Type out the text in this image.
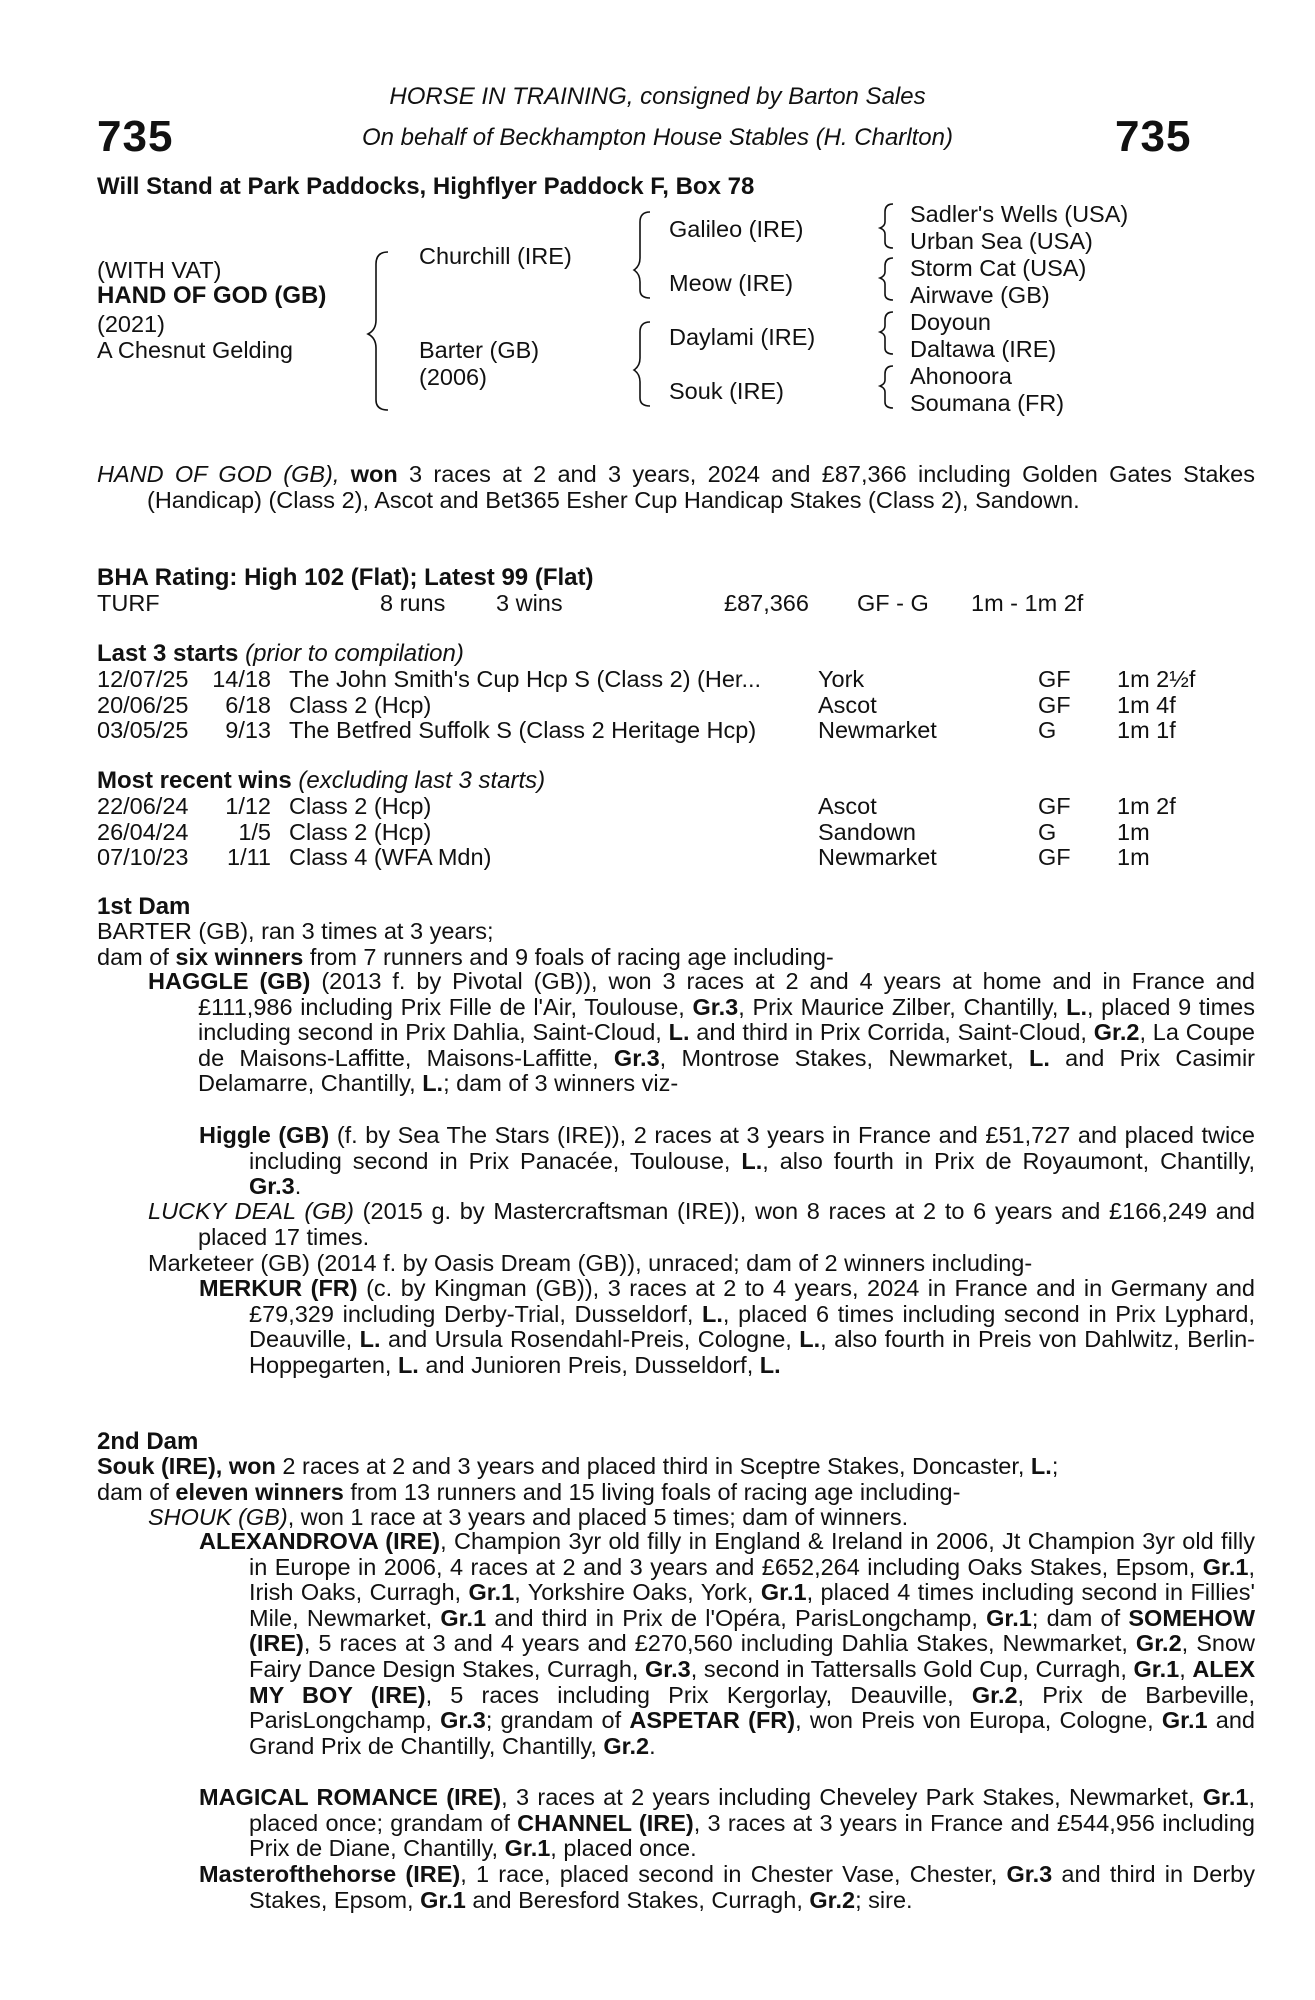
735	735
HORSE IN TRAINING, consigned by Barton Sales
On behalf of Beckhampton House Stables (H. Charlton)
Will Stand at Park Paddocks, Highflyer Paddock F, Box 78
(WITH VAT)
HAND OF GOD (GB)
(2021)
A Chesnut Gelding
Churchill (IRE)
Barter (GB)
(2006)
Galileo (IRE)
Meow (IRE)
Daylami (IRE)
Souk (IRE)
Sadler's Wells (USA)
Urban Sea (USA)
Storm Cat (USA)
Airwave (GB)
Doyoun
Daltawa (IRE)
Ahonoora
Soumana (FR)
HAND OF GOD (GB), won 3 races at 2 and 3 years, 2024 and £87,366 including Golden Gates Stakes (Handicap) (Class 2), Ascot and Bet365 Esher Cup Handicap Stakes (Class 2), Sandown.
BHA Rating: High 102 (Flat); Latest 99 (Flat)
TURF	8 runs 3 wins	£87,366 GF - G 1m - 1m 2f
Last 3 starts (prior to compilation)
12/07/25	14/18 The John Smith's Cup Hcp S (Class 2) (Her... York	GF 1m 2½f
20/06/25	6/18 Class 2 (Hcp)	Ascot	GF 1m 4f
03/05/25	9/13 The Betfred Suffolk S (Class 2 Heritage Hcp)	Newmarket	G	1m 1f
Most recent wins (excluding last 3 starts)
22/06/24	1/12 Class 2 (Hcp)	Ascot	GF 1m 2f
26/04/24	1/5 Class 2 (Hcp)	Sandown	G	1m
07/10/23	1/11 Class 4 (WFA Mdn)	Newmarket	GF 1m
1st Dam
BARTER (GB), ran 3 times at 3 years;
dam of six winners from 7 runners and 9 foals of racing age including-
HAGGLE (GB) (2013 f. by Pivotal (GB)), won 3 races at 2 and 4 years at home and in France and £111,986 including Prix Fille de l'Air, Toulouse, Gr.3, Prix Maurice Zilber, Chantilly, L., placed 9 times including second in Prix Dahlia, Saint-Cloud, L. and third in Prix Corrida, Saint-Cloud, Gr.2, La Coupe de Maisons-Laffitte, Maisons-Laffitte, Gr.3, Montrose Stakes, Newmarket, L. and Prix Casimir Delamarre, Chantilly, L.; dam of 3 winners viz-
Higgle (GB) (f. by Sea The Stars (IRE)), 2 races at 3 years in France and £51,727 and placed twice including second in Prix Panacée, Toulouse, L., also fourth in Prix de Royaumont, Chantilly, Gr.3.
LUCKY DEAL (GB) (2015 g. by Mastercraftsman (IRE)), won 8 races at 2 to 6 years and £166,249 and placed 17 times.
Marketeer (GB) (2014 f. by Oasis Dream (GB)), unraced; dam of 2 winners including-
MERKUR (FR) (c. by Kingman (GB)), 3 races at 2 to 4 years, 2024 in France and in Germany and £79,329 including Derby-Trial, Dusseldorf, L., placed 6 times including second in Prix Lyphard, Deauville, L. and Ursula Rosendahl-Preis, Cologne, L., also fourth in Preis von Dahlwitz, Berlin-Hoppegarten, L. and Junioren Preis, Dusseldorf, L.
2nd Dam
Souk (IRE), won 2 races at 2 and 3 years and placed third in Sceptre Stakes, Doncaster, L.;
dam of eleven winners from 13 runners and 15 living foals of racing age including-
SHOUK (GB), won 1 race at 3 years and placed 5 times; dam of winners.
ALEXANDROVA (IRE), Champion 3yr old filly in England & Ireland in 2006, Jt Champion 3yr old filly in Europe in 2006, 4 races at 2 and 3 years and £652,264 including Oaks Stakes, Epsom, Gr.1, Irish Oaks, Curragh, Gr.1, Yorkshire Oaks, York, Gr.1, placed 4 times including second in Fillies' Mile, Newmarket, Gr.1 and third in Prix de l'Opéra, ParisLongchamp, Gr.1; dam of SOMEHOW (IRE), 5 races at 3 and 4 years and £270,560 including Dahlia Stakes, Newmarket, Gr.2, Snow Fairy Dance Design Stakes, Curragh, Gr.3, second in Tattersalls Gold Cup, Curragh, Gr.1, ALEX MY BOY (IRE), 5 races including Prix Kergorlay, Deauville, Gr.2, Prix de Barbeville, ParisLongchamp, Gr.3; grandam of ASPETAR (FR), won Preis von Europa, Cologne, Gr.1 and Grand Prix de Chantilly, Chantilly, Gr.2.
MAGICAL ROMANCE (IRE), 3 races at 2 years including Cheveley Park Stakes, Newmarket, Gr.1, placed once; grandam of CHANNEL (IRE), 3 races at 3 years in France and £544,956 including Prix de Diane, Chantilly, Gr.1, placed once.
Masterofthehorse (IRE), 1 race, placed second in Chester Vase, Chester, Gr.3 and third in Derby Stakes, Epsom, Gr.1 and Beresford Stakes, Curragh, Gr.2; sire.
